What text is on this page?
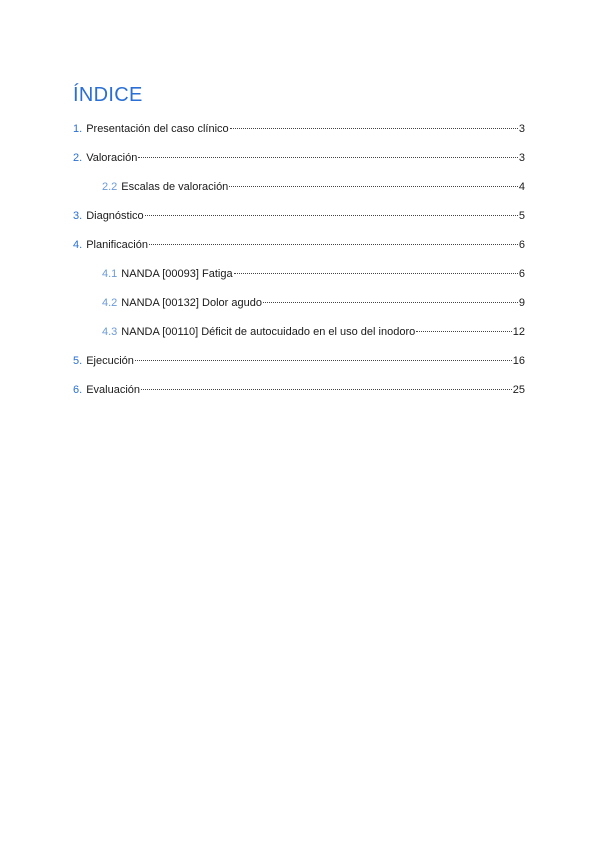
ÍNDICE
1. Presentación del caso clínico	3
2. Valoración	3
2.2 Escalas de valoración	4
3. Diagnóstico	5
4. Planificación	6
4.1 NANDA [00093] Fatiga	6
4.2 NANDA [00132] Dolor agudo	9
4.3 NANDA [00110] Déficit de autocuidado en el uso del inodoro	12
5. Ejecución	16
6. Evaluación	25
